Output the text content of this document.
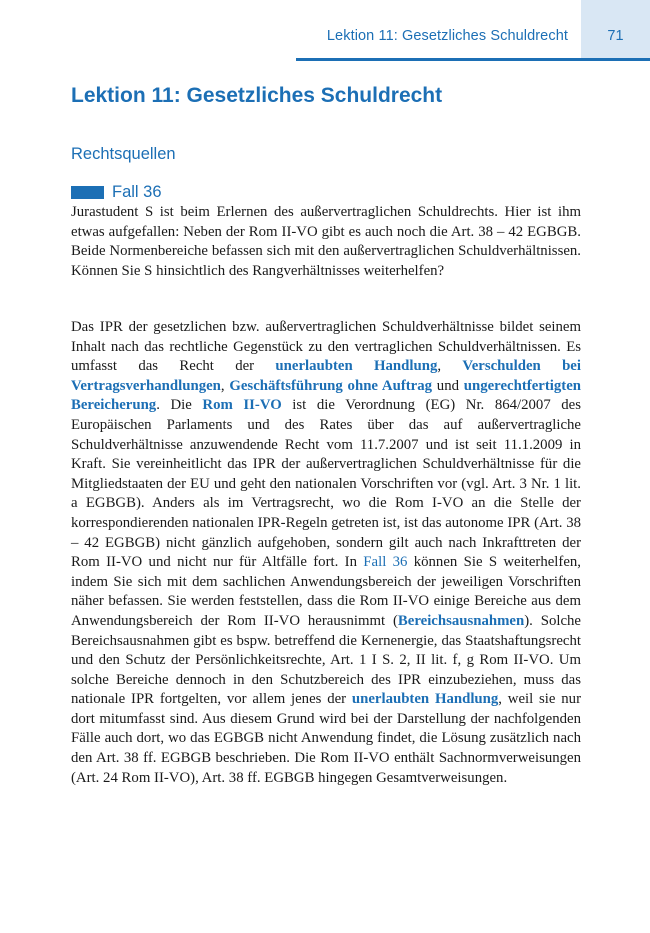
Lektion 11: Gesetzliches Schuldrecht	71
Lektion 11: Gesetzliches Schuldrecht
Rechtsquellen
Fall 36

Jurastudent S ist beim Erlernen des außervertraglichen Schuldrechts. Hier ist ihm etwas aufgefallen: Neben der Rom II-VO gibt es auch noch die Art. 38 – 42 EGBGB. Beide Normenbereiche befassen sich mit den außervertraglichen Schuldverhältnissen. Können Sie S hinsichtlich des Rangverhältnisses weiterhelfen?

Das IPR der gesetzlichen bzw. außervertraglichen Schuldverhältnisse bildet seinem Inhalt nach das rechtliche Gegenstück zu den vertraglichen Schuldverhältnissen. Es umfasst das Recht der unerlaubten Handlung, Verschulden bei Vertragsverhandlungen, Geschäftsführung ohne Auftrag und ungerechtfertigten Bereicherung. Die Rom II-VO ist die Verordnung (EG) Nr. 864/2007 des Europäischen Parlaments und des Rates über das auf außervertragliche Schuldverhältnisse anzuwendende Recht vom 11.7.2007 und ist seit 11.1.2009 in Kraft. Sie vereinheitlicht das IPR der außervertraglichen Schuldverhältnisse für die Mitgliedstaaten der EU und geht den nationalen Vorschriften vor (vgl. Art. 3 Nr. 1 lit. a EGBGB). Anders als im Vertragsrecht, wo die Rom I-VO an die Stelle der korrespondierenden nationalen IPR-Regeln getreten ist, ist das autonome IPR (Art. 38 – 42 EGBGB) nicht gänzlich aufgehoben, sondern gilt auch nach Inkrafttreten der Rom II-VO und nicht nur für Altfälle fort. In Fall 36 können Sie S weiterhelfen, indem Sie sich mit dem sachlichen Anwendungsbereich der jeweiligen Vorschriften näher befassen. Sie werden feststellen, dass die Rom II-VO einige Bereiche aus dem Anwendungsbereich der Rom II-VO herausnimmt (Bereichsausnahmen). Solche Bereichsausnahmen gibt es bspw. betreffend die Kernenergie, das Staatshaftungsrecht und den Schutz der Persönlichkeitsrechte, Art. 1 I S. 2, II lit. f, g Rom II-VO. Um solche Bereiche dennoch in den Schutzbereich des IPR einzubeziehen, muss das nationale IPR fortgelten, vor allem jenes der unerlaubten Handlung, weil sie nur dort mitumfasst sind. Aus diesem Grund wird bei der Darstellung der nachfolgenden Fälle auch dort, wo das EGBGB nicht Anwendung findet, die Lösung zusätzlich nach den Art. 38 ff. EGBGB beschrieben. Die Rom II-VO enthält Sachnormverweisungen (Art. 24 Rom II-VO), Art. 38 ff. EGBGB hingegen Gesamtverweisungen.
